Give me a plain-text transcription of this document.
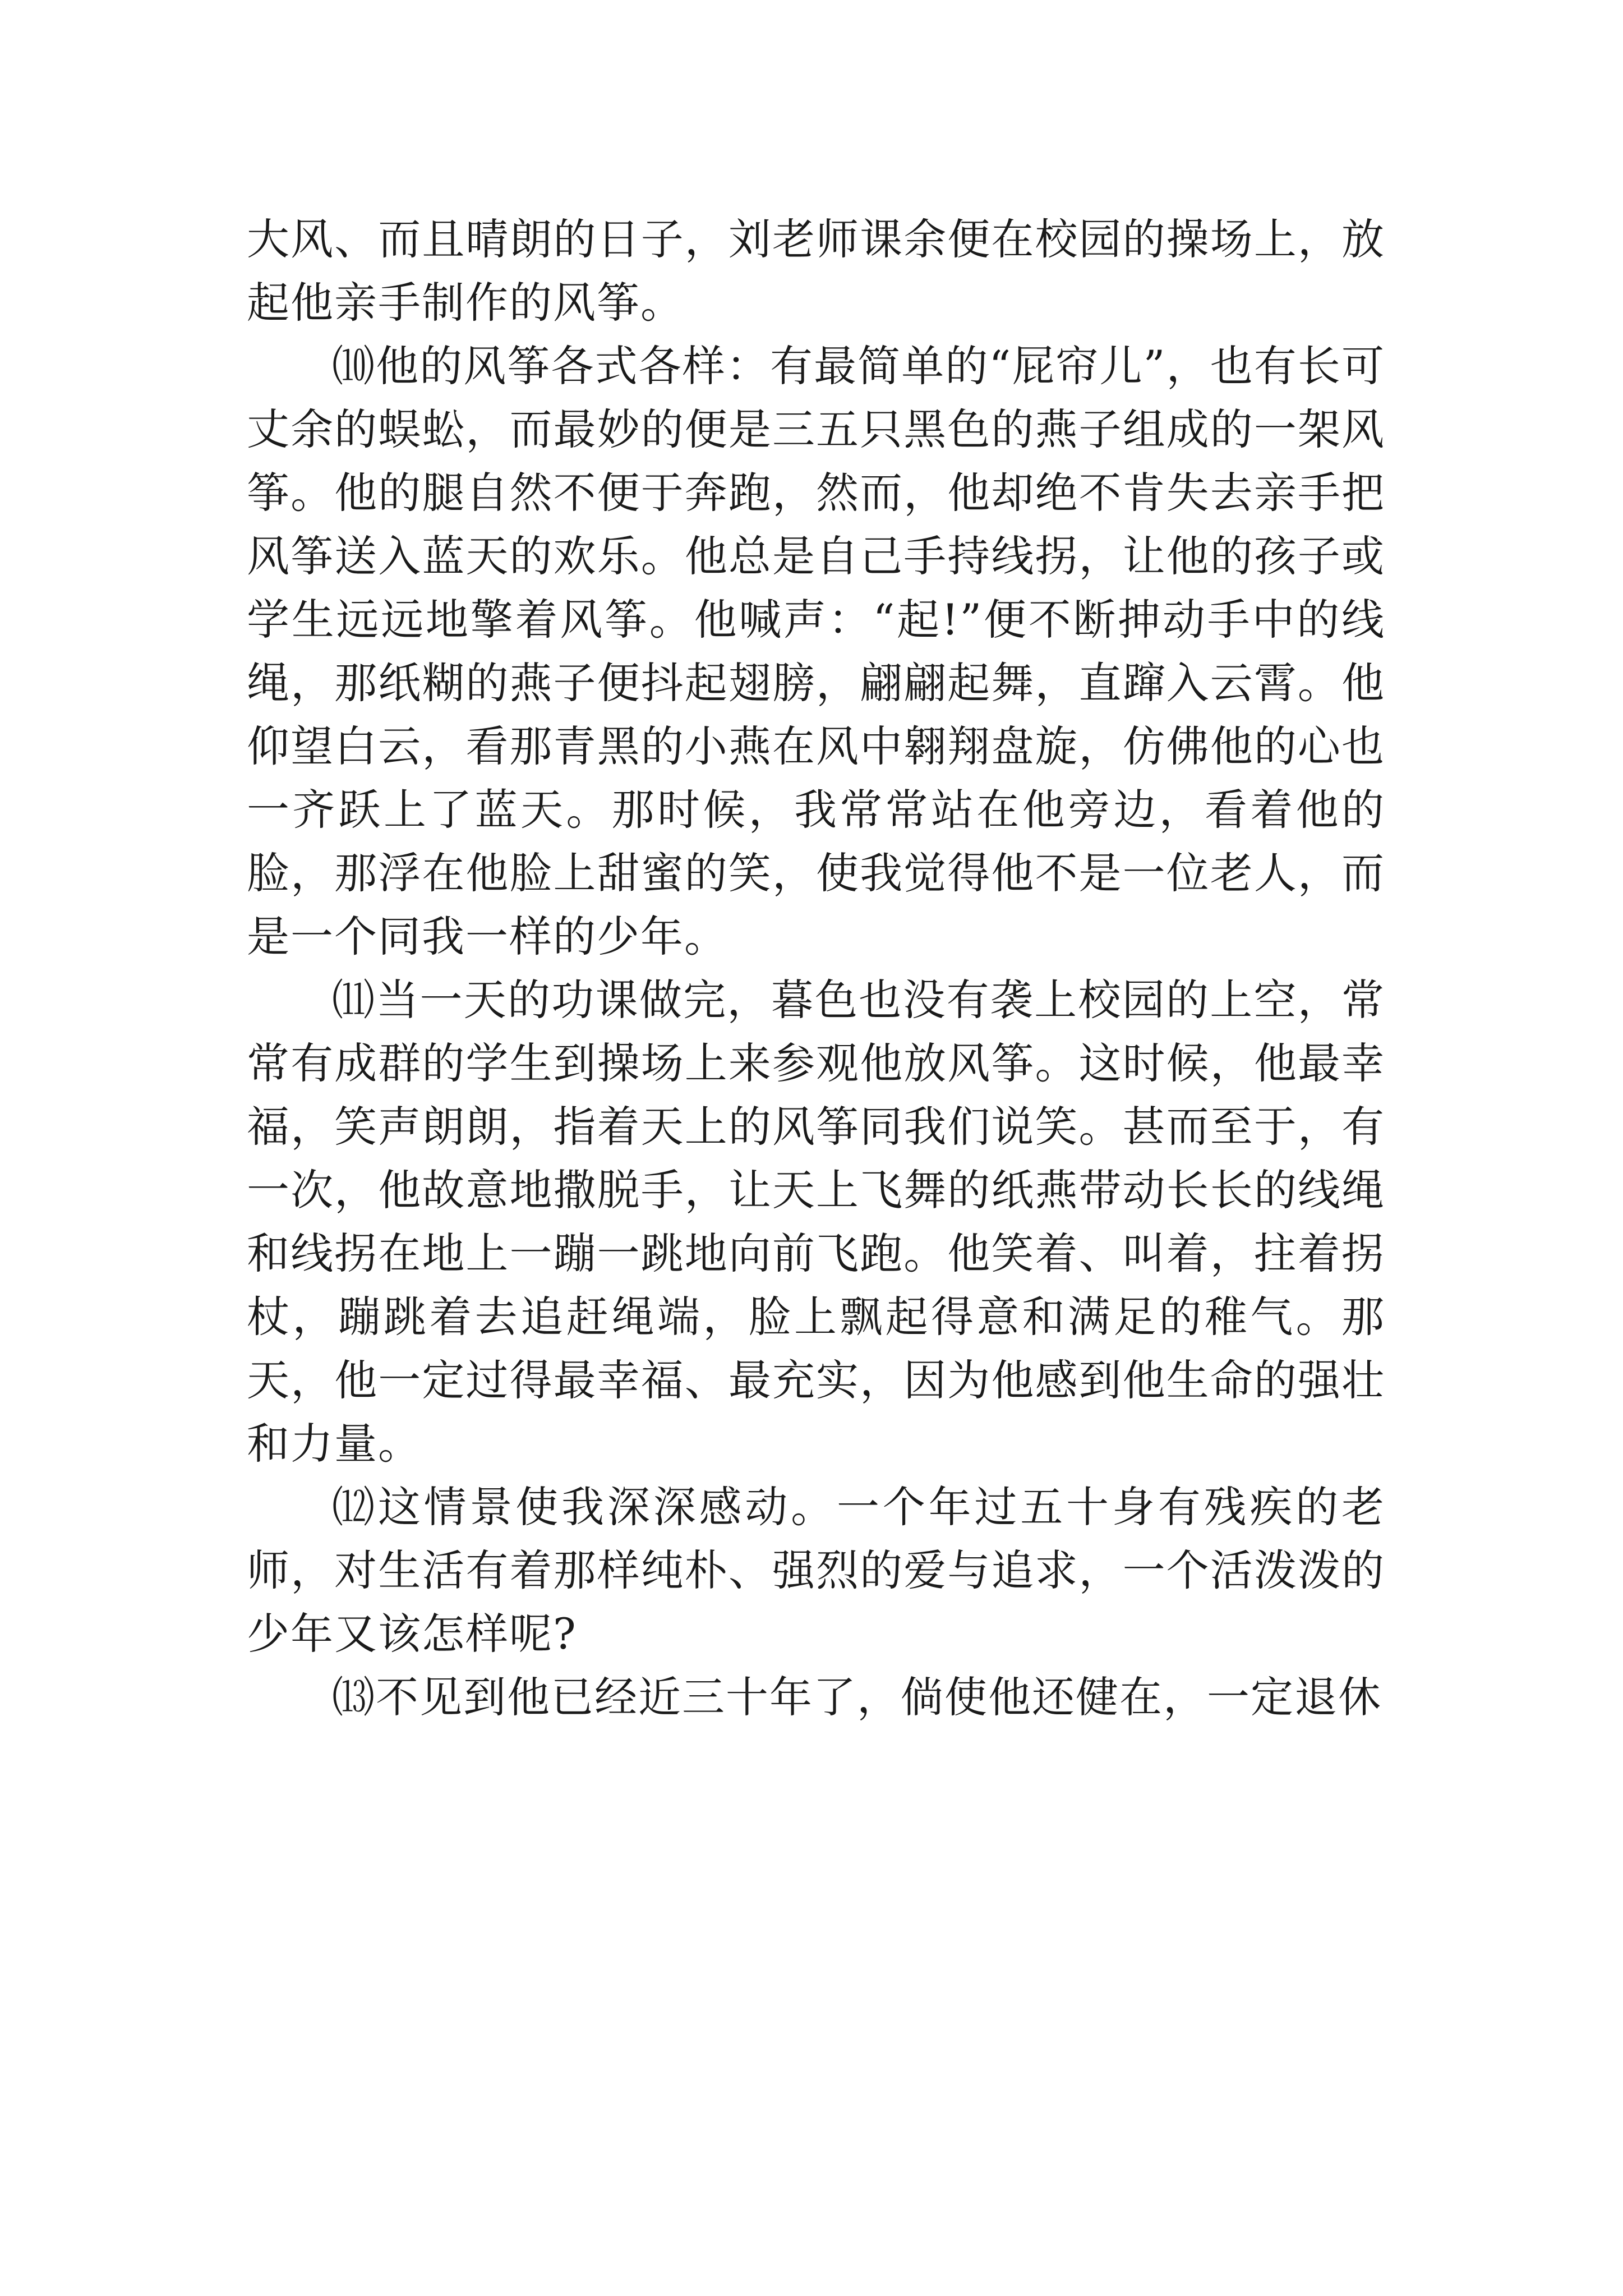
大风、而且晴朗的日子，刘老师课余便在校园的操场上，放起他亲手制作的风筝。

⑽他的风筝各式各样：有最简单的“屁帘儿”，也有长可丈余的蜈蚣，而最妙的便是三五只黑色的燕子组成的一架风筝。他的腿自然不便于奔跑，然而，他却绝不肯失去亲手把风筝送入蓝天的欢乐。他总是自己手持线拐，让他的孩子或学生远远地擎着风筝。他喊声：“起!”便不断抻动手中的线绳，那纸糊的燕子便抖起翅膀，翩翩起舞，直蹿入云霄。他仰望白云，看那青黑的小燕在风中翱翔盘旋，仿佛他的心也一齐跃上了蓝天。那时候，我常常站在他旁边，看着他的脸，那浮在他脸上甜蜜的笑，使我觉得他不是一位老人，而是一个同我一样的少年。

⑾当一天的功课做完，暮色也没有袭上校园的上空，常常有成群的学生到操场上来参观他放风筝。这时候，他最幸福，笑声朗朗，指着天上的风筝同我们说笑。甚而至于，有一次，他故意地撒脱手，让天上飞舞的纸燕带动长长的线绳和线拐在地上一蹦一跳地向前飞跑。他笑着、叫着，拄着拐杖，蹦跳着去追赶绳端，脸上飘起得意和满足的稚气。那天，他一定过得最幸福、最充实，因为他感到他生命的强壮和力量。

⑿这情景使我深深感动。一个年过五十身有残疾的老师，对生活有着那样纯朴、强烈的爱与追求，一个活泼泼的少年又该怎样呢?

⒀不见到他已经近三十年了，倘使他还健在，一定退休
